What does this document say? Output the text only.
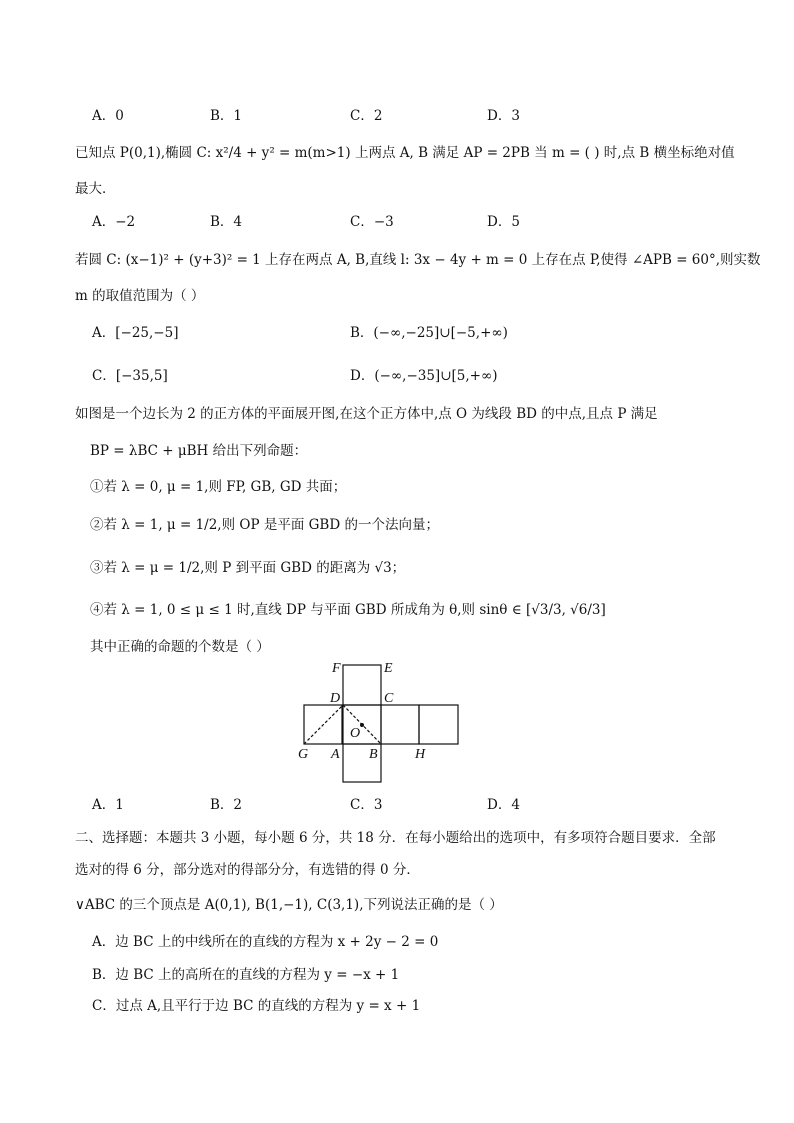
A．0	B．1	C．2	D．3
已知点 P(0,1),椭圆 C: x²/4 + y² = m(m>1) 上两点 A, B 满足 AP = 2PB 当 m = ( ) 时,点 B 横坐标绝对值
最大．
A．−2	B．4	C．−3	D．5
若圆 C: (x−1)² + (y+3)² = 1 上存在两点 A, B,直线 l: 3x − 4y + m = 0 上存在点 P,使得 ∠APB = 60°,则实数
m 的取值范围为（ ）
A．[−25,−5]	B．(−∞,−25]∪[−5,+∞)
C．[−35,5]	D．(−∞,−35]∪[5,+∞)
如图是一个边长为 2 的正方体的平面展开图,在这个正方体中,点 O 为线段 BD 的中点,且点 P 满足
BP = λBC + μBH 给出下列命题：
①若 λ = 0, μ = 1,则 FP, GB, GD 共面；
②若 λ = 1, μ = 1/2,则 OP 是平面 GBD 的一个法向量；
③若 λ = μ = 1/2,则 P 到平面 GBD 的距离为 √3；
④若 λ = 1, 0 ≤ μ ≤ 1 时,直线 DP 与平面 GBD 所成角为 θ,则 sinθ ∈ [√3/3, √6/3]
其中正确的命题的个数是（ ）
F	E
D	C
O
G A B	H
A．1	B．2	C．3	D．4
二、选择题：本题共 3 小题，每小题 6 分，共 18 分．在每小题给出的选项中，有多项符合题目要求．全部
选对的得 6 分，部分选对的得部分分，有选错的得 0 分．
∨ABC 的三个顶点是 A(0,1), B(1,−1), C(3,1),下列说法正确的是（ ）
A．边 BC 上的中线所在的直线的方程为 x + 2y − 2 = 0
B．边 BC 上的高所在的直线的方程为 y = −x + 1
C．过点 A,且平行于边 BC 的直线的方程为 y = x + 1
